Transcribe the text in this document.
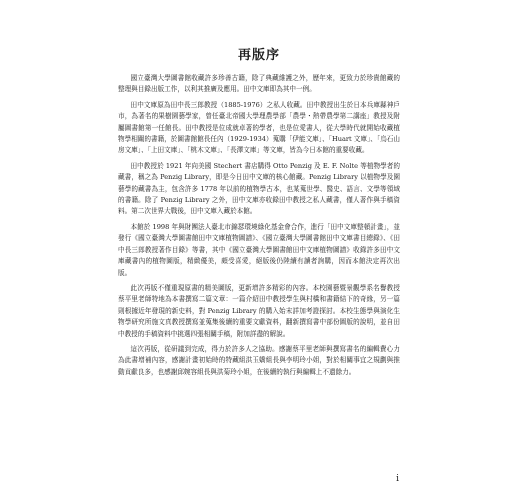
再版序

國立臺灣大學圖書館收藏許多珍善古籍，除了典藏維護之外，歷年來，更致力於珍貴館藏的整理與目錄出版工作，以利其推廣及應用。田中文庫即為其中一例。

田中文庫原為田中長三郎教授（1885-1976）之私人收藏。田中教授出生於日本兵庫縣神戶市，為著名的果樹園藝學家，曾任臺北帝國大學理農學部「農學・熱帶農學第二講座」教授及附屬圖書館第一任館長。田中教授是位成就卓著的學者，也是位愛書人，從大學時代就開始收藏植物學相關的書籍，於圖書館館長任內（1929-1934）蒐購「伊能文庫」、「Huart 文庫」、「烏石山房文庫」、「上田文庫」、「桃木文庫」、「長澤文庫」等文庫，皆為今日本館的重要收藏。

田中教授於 1921 年向美國 Stechert 書店購得 Otto Penzig 及 E. F. Nolte 等植物學者的藏書，稱之為 Penzig Library，即是今日田中文庫的核心館藏。Penzig Library 以植物學及園藝學的藏書為主，包含許多 1778 年以前的植物學古本，也某蒐世學、醫史、語言、文學等領域的書籍。除了 Penzig Library 之外，田中文庫亦收錄田中教授之私人藏書，僅人著作與手稿資料。第二次世界大戰後，田中文庫入藏於本館。

本館於 1998 年與財團法人臺北市錦瑟環境綠化基金會合作，進行「田中文庫整頓計畫」，並發行《國立臺灣大學圖書館田中文庫植物圖譜》、《國立臺灣大學圖書館田中文庫書目總錄》、《田中長三郎教授著作目錄》等書，其中《國立臺灣大學圖書館田中文庫植物圖譜》收錄許多田中文庫藏書內的植物圖版，精緻優美，頗受喜愛，絕版後仍陸續有讀者詢購，因而本館決定再次出版。

此次再版不僅重現原書的精美圖版，更新增許多精彩的內容。本校園藝暨景觀學系名譽教授蔡平里老師特地為本書撰寫二篇文章：一篇介紹田中教授學生與村橋和書籍結下的奇緣，另一篇則根據近年發現的新史料，對 Penzig Library 的購入始末詳加考證探討。本校生態學與演化生物學研究所施文真教授撰寫並蒐集後續的重要文獻資料，翻新撰寫書中部份圖版的說明，並自田中教授的手稿資料中挑選四張相關手稿，附加詳盡的解說。

這次再版，從研議到完成，得力於許多人之協助。感謝蔡平里老師與撰寫書名的編輯費心力為此書增補內容，感謝計畫初始時的特藏組洪玉嬌組長與李明玲小姐，對於相關事宜之規劃與推動貢獻良多，也感謝邱婉容組長與洪菊玲小姐，在後續的執行與編輯上不遺餘力。

i
